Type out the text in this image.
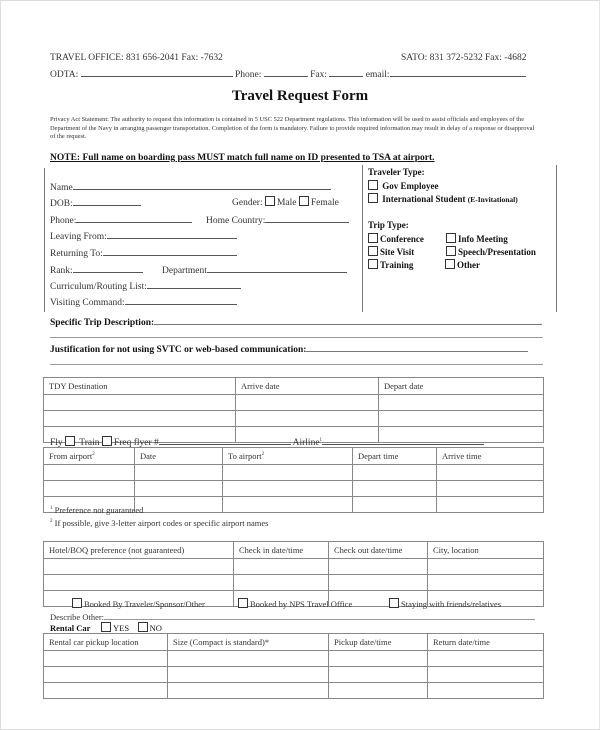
TRAVEL OFFICE: 831 656-2041 Fax: -7632	SATO: 831 372-5232 Fax: -4682
ODTA:	Phone:	Fax:	email:
Travel Request Form
Privacy Act Statement: The authority to request this information is contained in 5 USC 522 Department regulations. This information will be used to assist officials and employees of the Department of the Navy in arranging passenger transportation. Completion of the form is mandatory. Failure to provide required information may result in delay of a response or disapproval of the request.
NOTE: Full name on boarding pass MUST match full name on ID presented to TSA at airport.
Name
DOB:	Gender: Male Female
Phone:	Home Country:
Leaving From:
Returning To:
Rank:	Department
Curriculum/Routing List:
Visiting Command:
Traveler Type:
Gov Employee
International Student (E-Invitational)
Trip Type:
Conference	Info Meeting
Site Visit	Speech/Presentation
Training	Other
Specific Trip Description:
Justification for not using SVTC or web-based communication:
TDY Destination	Arrive date	Depart date

Fly Train Freq flyer #	Airline$^1$
From airport$^2$	Date	To airport$^2$	Depart time	Arrive time

$^1$ Preference not guaranteed
$^2$ If possible, give 3-letter airport codes or specific airport names
Hotel/BOQ preference (not guaranteed)	Check in date/time	Check out date/time	City, location

Booked By Traveler/Sponsor/Other	Booked by NPS Travel Office	Staying with friends/relatives
Describe Other:
Rental Car	YES NO
Rental car pickup location	Size (Compact is standard)*	Pickup date/time	Return date/time
